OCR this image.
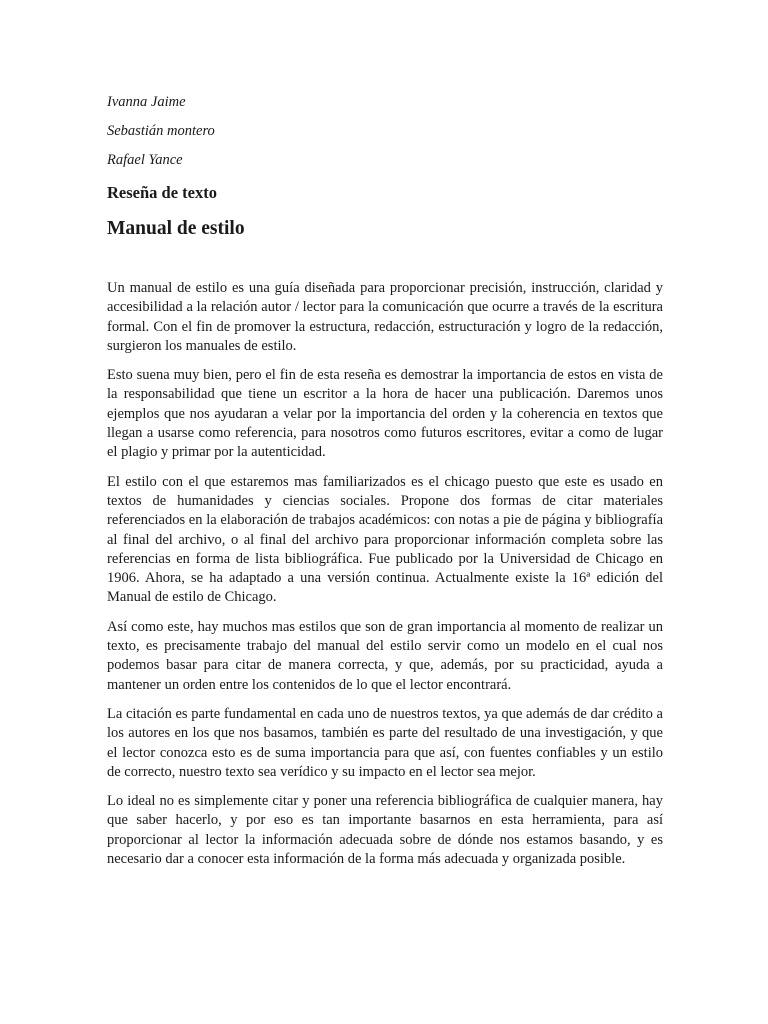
Ivanna Jaime

Sebastián montero

Rafael Yance

Reseña de texto
Manual de estilo

Un manual de estilo es una guía diseñada para proporcionar precisión, instrucción, claridad y accesibilidad a la relación autor / lector para la comunicación que ocurre a través de la escritura formal. Con el fin de promover la estructura, redacción, estructuración y logro de la redacción, surgieron los manuales de estilo.

Esto suena muy bien, pero el fin de esta reseña es demostrar la importancia de estos en vista de la responsabilidad que tiene un escritor a la hora de hacer una publicación. Daremos unos ejemplos que nos ayudaran a velar por la importancia del orden y la coherencia en textos que llegan a usarse como referencia, para nosotros como futuros escritores, evitar a como de lugar el plagio y primar por la autenticidad.

El estilo con el que estaremos mas familiarizados es el chicago puesto que este es usado en textos de humanidades y ciencias sociales. Propone dos formas de citar materiales referenciados en la elaboración de trabajos académicos: con notas a pie de página y bibliografía al final del archivo, o al final del archivo para proporcionar información completa sobre las referencias en forma de lista bibliográfica. Fue publicado por la Universidad de Chicago en 1906. Ahora, se ha adaptado a una versión continua. Actualmente existe la 16ª edición del Manual de estilo de Chicago.

Así como este, hay muchos mas estilos que son de gran importancia al momento de realizar un texto, es precisamente trabajo del manual del estilo servir como un modelo en el cual nos podemos basar para citar de manera correcta, y que, además, por su practicidad, ayuda a mantener un orden entre los contenidos de lo que el lector encontrará.

La citación es parte fundamental en cada uno de nuestros textos, ya que además de dar crédito a los autores en los que nos basamos, también es parte del resultado de una investigación, y que el lector conozca esto es de suma importancia para que así, con fuentes confiables y un estilo de correcto, nuestro texto sea verídico y su impacto en el lector sea mejor.

Lo ideal no es simplemente citar y poner una referencia bibliográfica de cualquier manera, hay que saber hacerlo, y por eso es tan importante basarnos en esta herramienta, para así proporcionar al lector la información adecuada sobre de dónde nos estamos basando, y es necesario dar a conocer esta información de la forma más adecuada y organizada posible.
